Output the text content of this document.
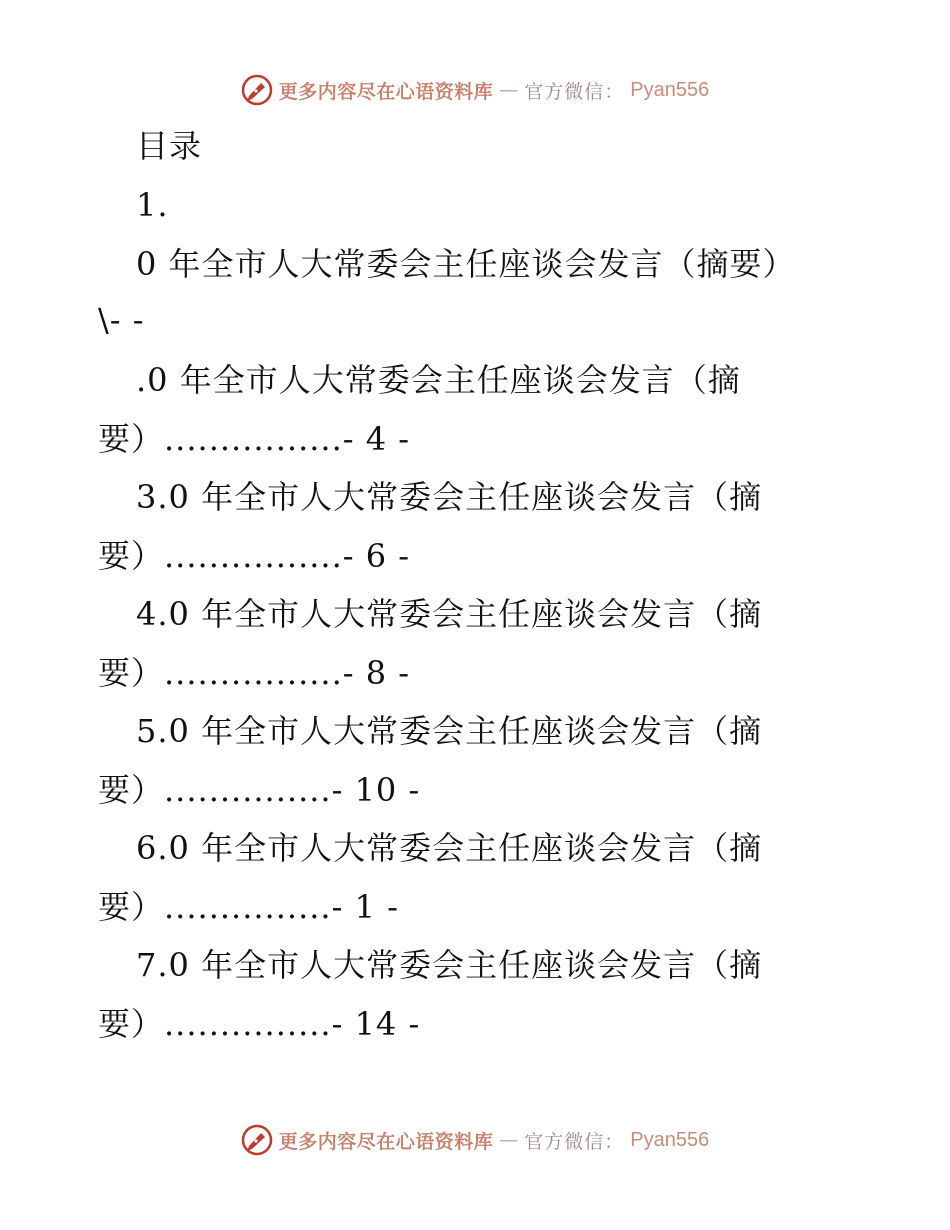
更多内容尽在心语资料库 — 官方微信： Pyan556
目录
1.
0 年全市人大常委会主任座谈会发言（摘要）
\- -
.0 年全市人大常委会主任座谈会发言（摘
要）................- 4 -
3.0 年全市人大常委会主任座谈会发言（摘
要）................- 6 -
4.0 年全市人大常委会主任座谈会发言（摘
要）................- 8 -
5.0 年全市人大常委会主任座谈会发言（摘
要）...............- 10 -
6.0 年全市人大常委会主任座谈会发言（摘
要）...............- 1 -
7.0 年全市人大常委会主任座谈会发言（摘
要）...............- 14 -
更多内容尽在心语资料库 — 官方微信： Pyan556
